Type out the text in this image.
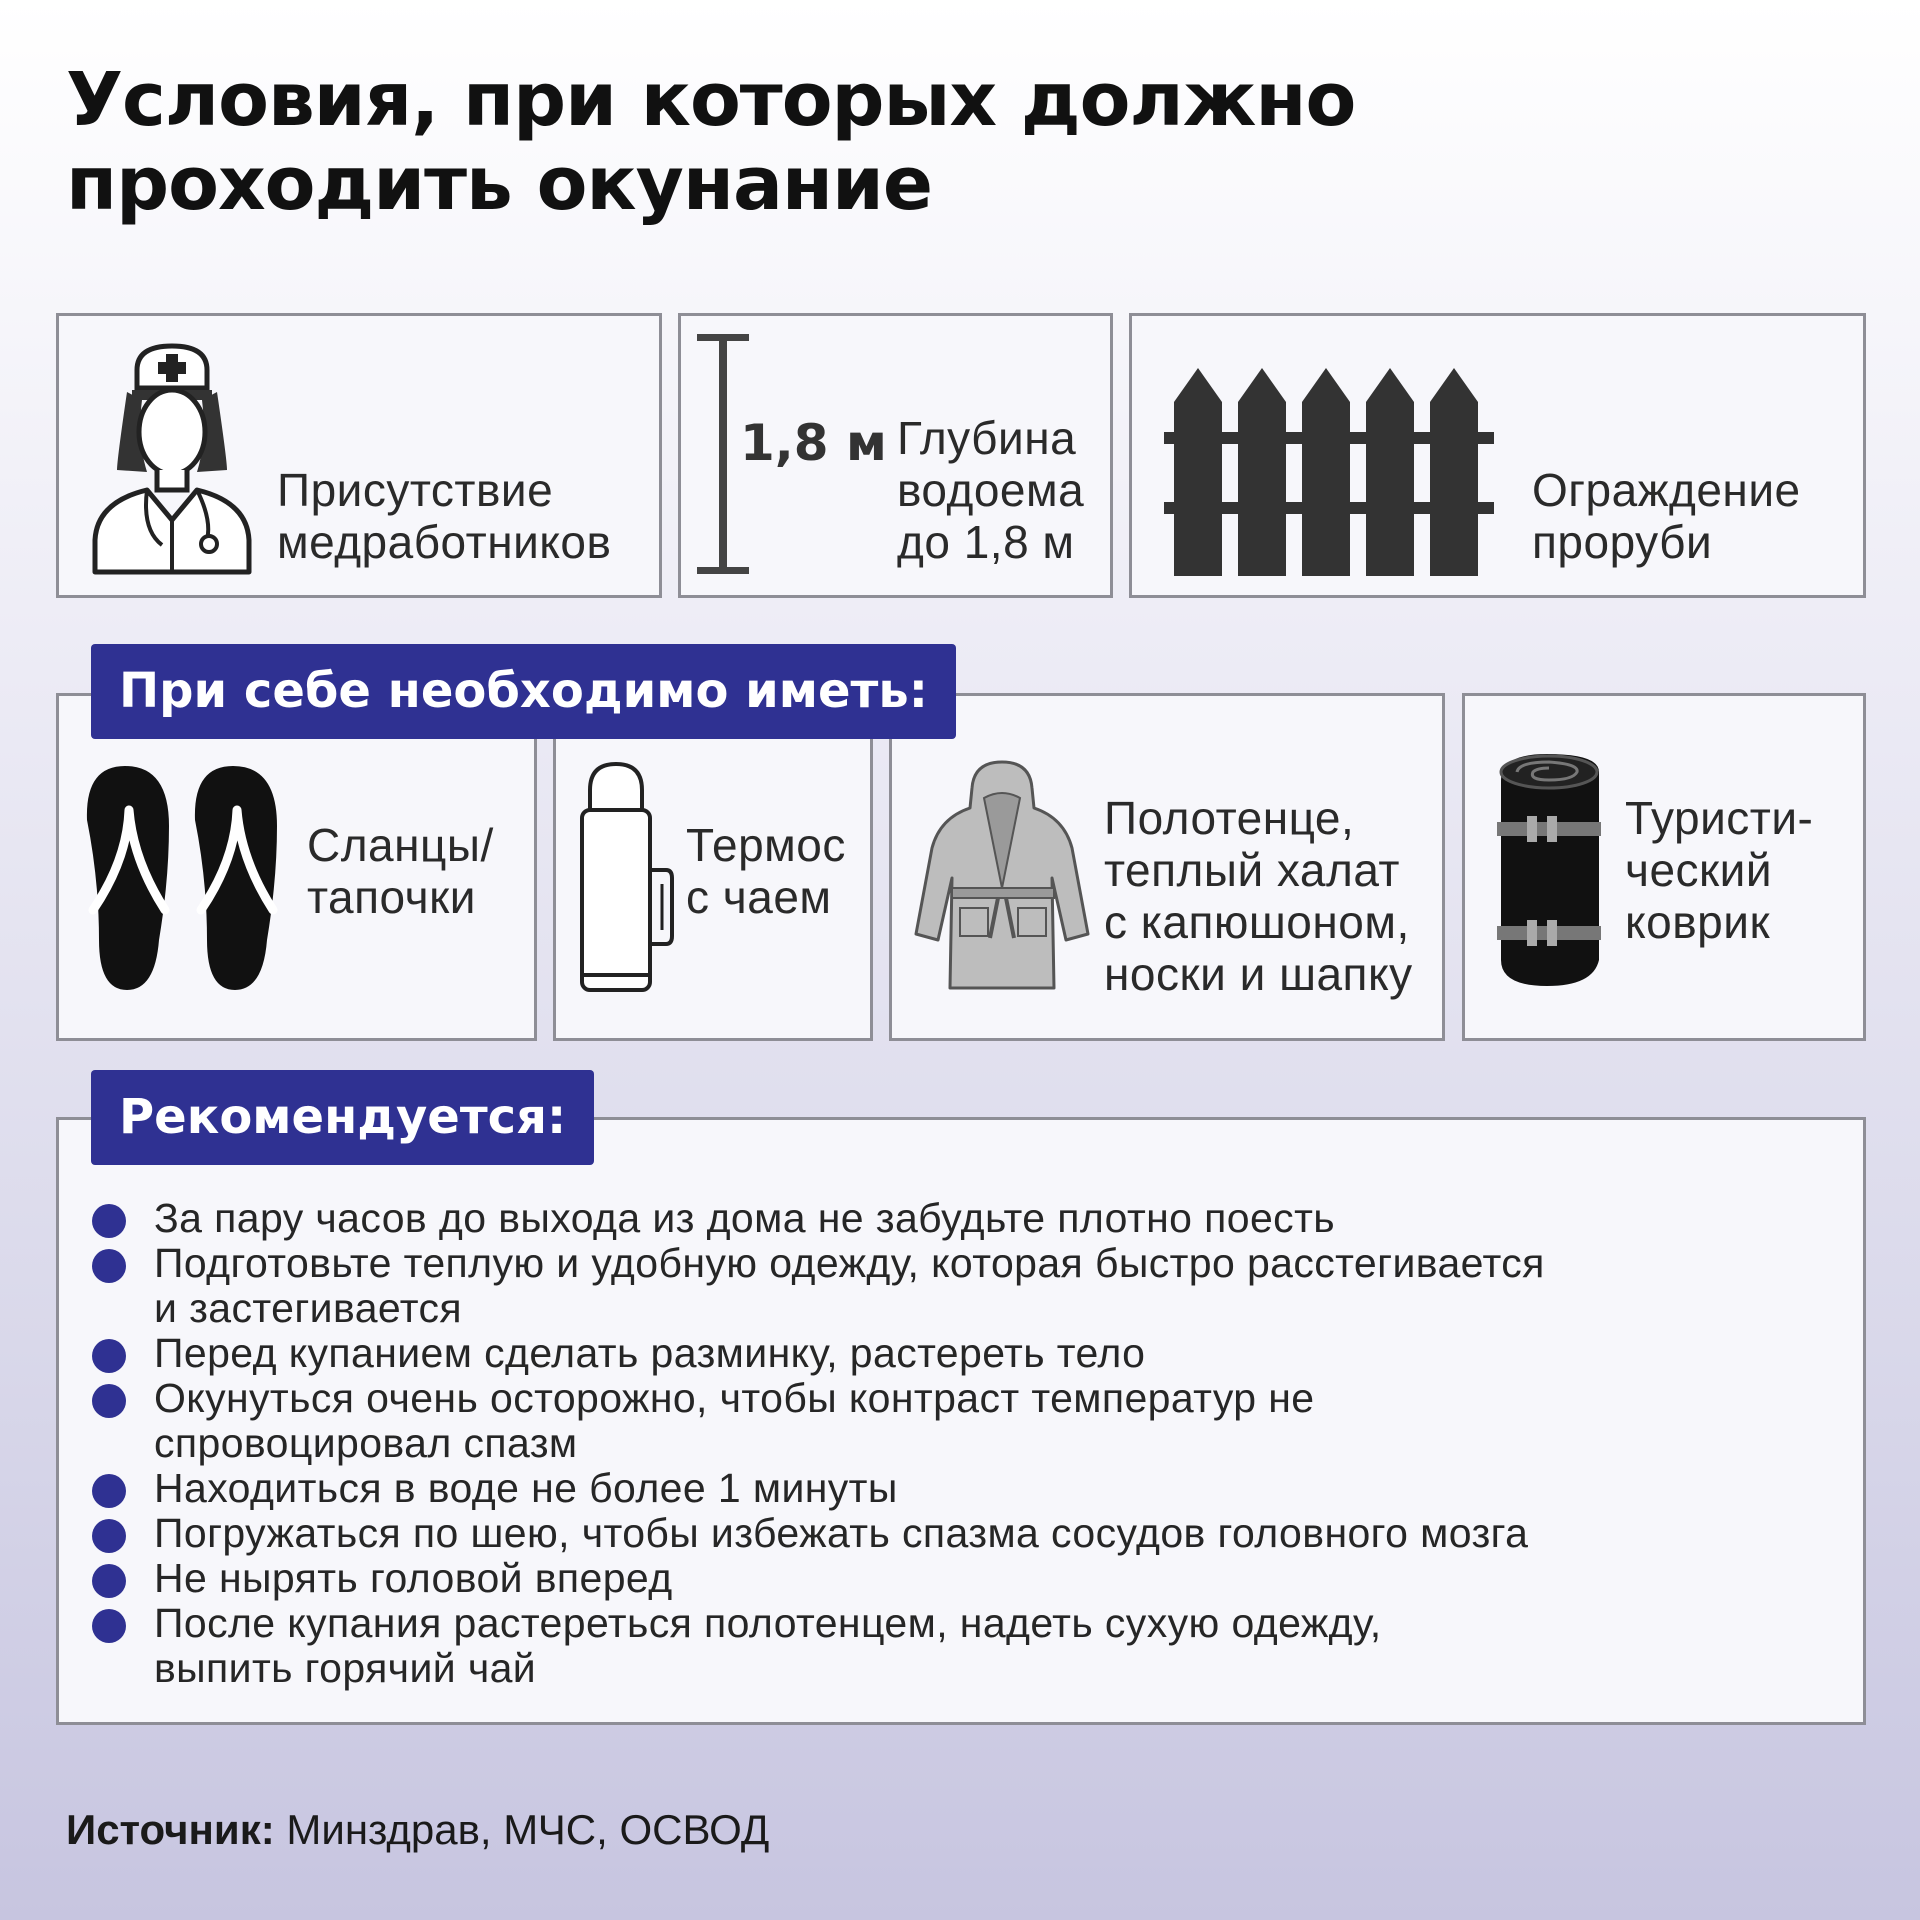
Условия, при которых должно
проходить окунание
Присутствие
медработников
Глубина
водоема
до 1,8 м
1,8 м
Ограждение
проруби
Сланцы/
тапочки
Термос
с чаем
Полотенце,
теплый халат
с капюшоном,
носки и шапку
Туристи-
ческий
коврик
При себе необходимо иметь:
Рекомендуется:
За пару часов до выхода из дома не забудьте плотно поесть
Подготовьте теплую и удобную одежду, которая быстро расстегивается
и застегивается
Перед купанием сделать разминку, растереть тело
Окунуться очень осторожно, чтобы контраст температур не
спровоцировал спазм
Находиться в воде не более 1 минуты
Погружаться по шею, чтобы избежать спазма сосудов головного мозга
Не нырять головой вперед
После купания растереться полотенцем, надеть сухую одежду,
выпить горячий чай
Источник: Минздрав, МЧС, ОСВОД
